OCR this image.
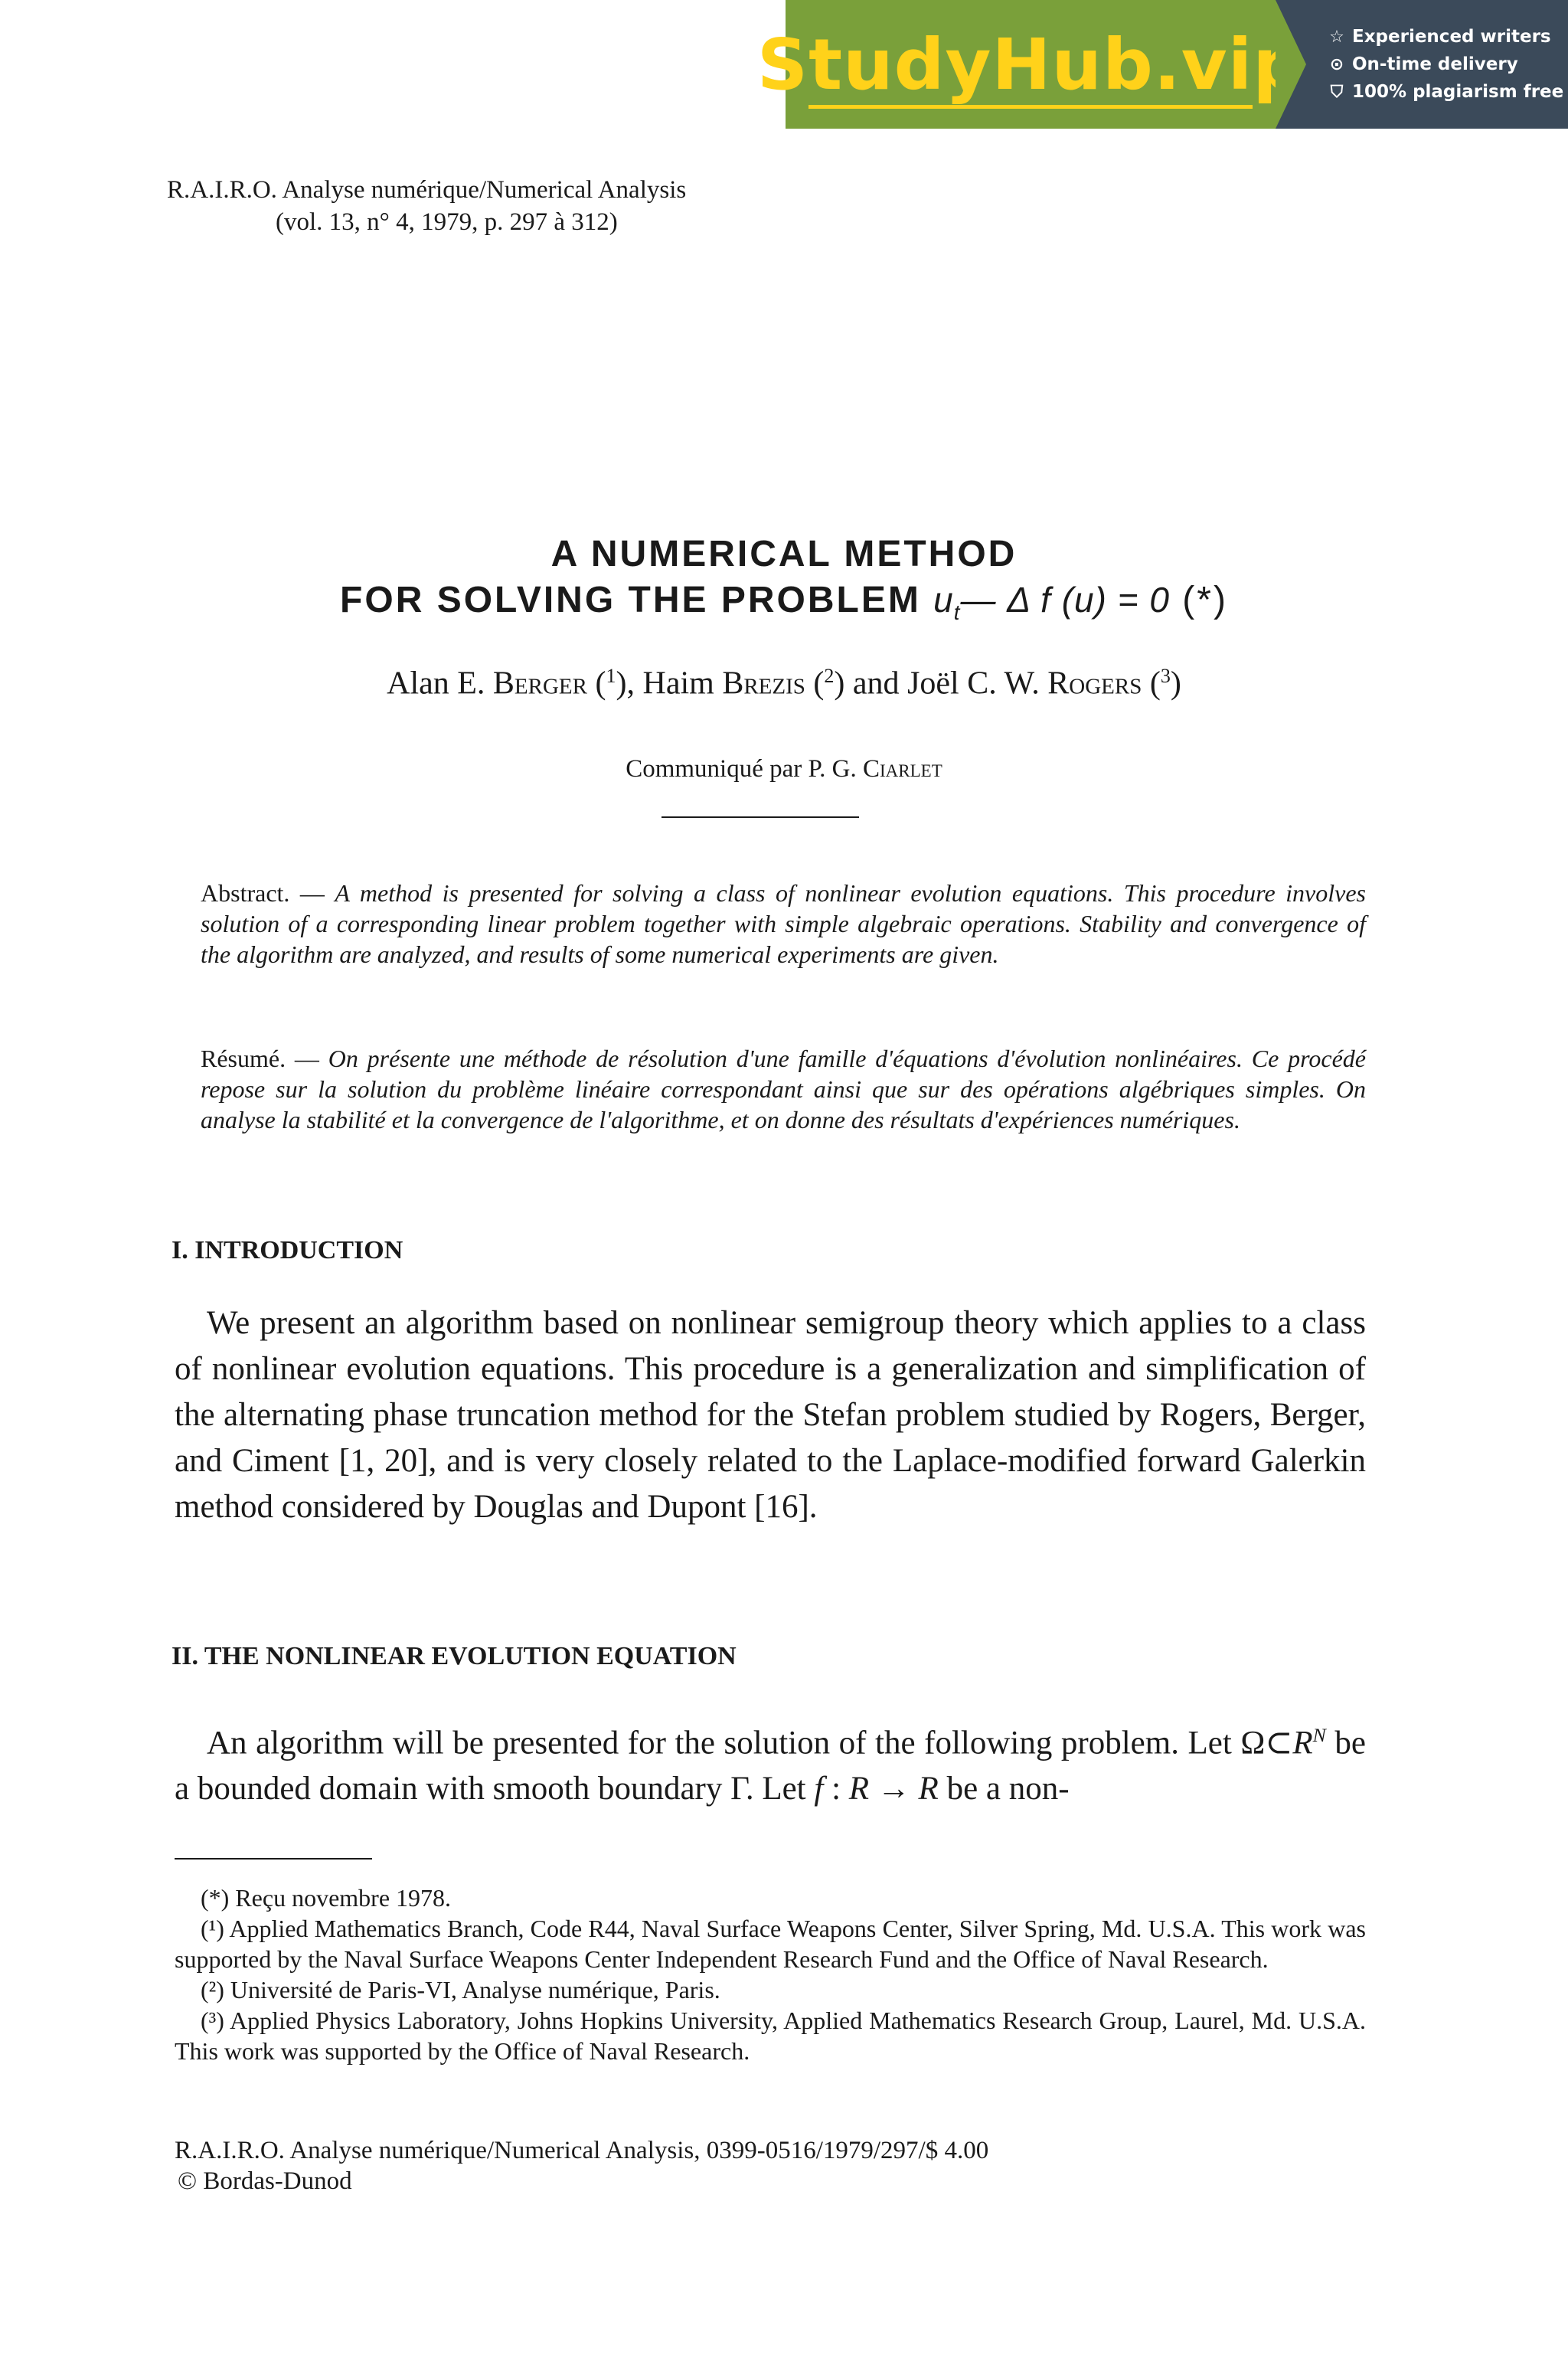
StudyHub.vip ☆ Experienced writers
⊙ On-time delivery
⛉ 100% plagiarism free
R.A.I.R.O. Analyse numérique/Numerical Analysis
(vol. 13, n° 4, 1979, p. 297 à 312)
A NUMERICAL METHOD
FOR SOLVING THE PROBLEM $u_t—$ Δ f (u) = 0 (*)
Alan E. Berger ($^1$), Haim Brezis ($^2$) and Joël C. W. Rogers ($^3$)
Communiqué par P. G. Ciarlet
Abstract. — A method is presented for solving a class of nonlinear evolution equations. This procedure involves solution of a corresponding linear problem together with simple algebraic operations. Stability and convergence of the algorithm are analyzed, and results of some numerical experiments are given.
Résumé. — On présente une méthode de résolution d'une famille d'équations d'évolution nonlinéaires. Ce procédé repose sur la solution du problème linéaire correspondant ainsi que sur des opérations algébriques simples. On analyse la stabilité et la convergence de l'algorithme, et on donne des résultats d'expériences numériques.
I. INTRODUCTION

We present an algorithm based on nonlinear semigroup theory which applies to a class of nonlinear evolution equations. This procedure is a generalization and simplification of the alternating phase truncation method for the Stefan problem studied by Rogers, Berger, and Ciment [1, 20], and is very closely related to the Laplace-modified forward Galerkin method considered by Douglas and Dupont [16].

II. THE NONLINEAR EVOLUTION EQUATION

An algorithm will be presented for the solution of the following problem. Let $\Omega\subset R^N$ be a bounded domain with smooth boundary Γ. Let f : R → R be a non-

(*) Reçu novembre 1978.

(¹) Applied Mathematics Branch, Code R44, Naval Surface Weapons Center, Silver Spring, Md. U.S.A. This work was supported by the Naval Surface Weapons Center Independent Research Fund and the Office of Naval Research.

(²) Université de Paris-VI, Analyse numérique, Paris.

(³) Applied Physics Laboratory, Johns Hopkins University, Applied Mathematics Research Group, Laurel, Md. U.S.A. This work was supported by the Office of Naval Research.

R.A.I.R.O. Analyse numérique/Numerical Analysis, 0399-0516/1979/297/$ 4.00
© Bordas-Dunod
